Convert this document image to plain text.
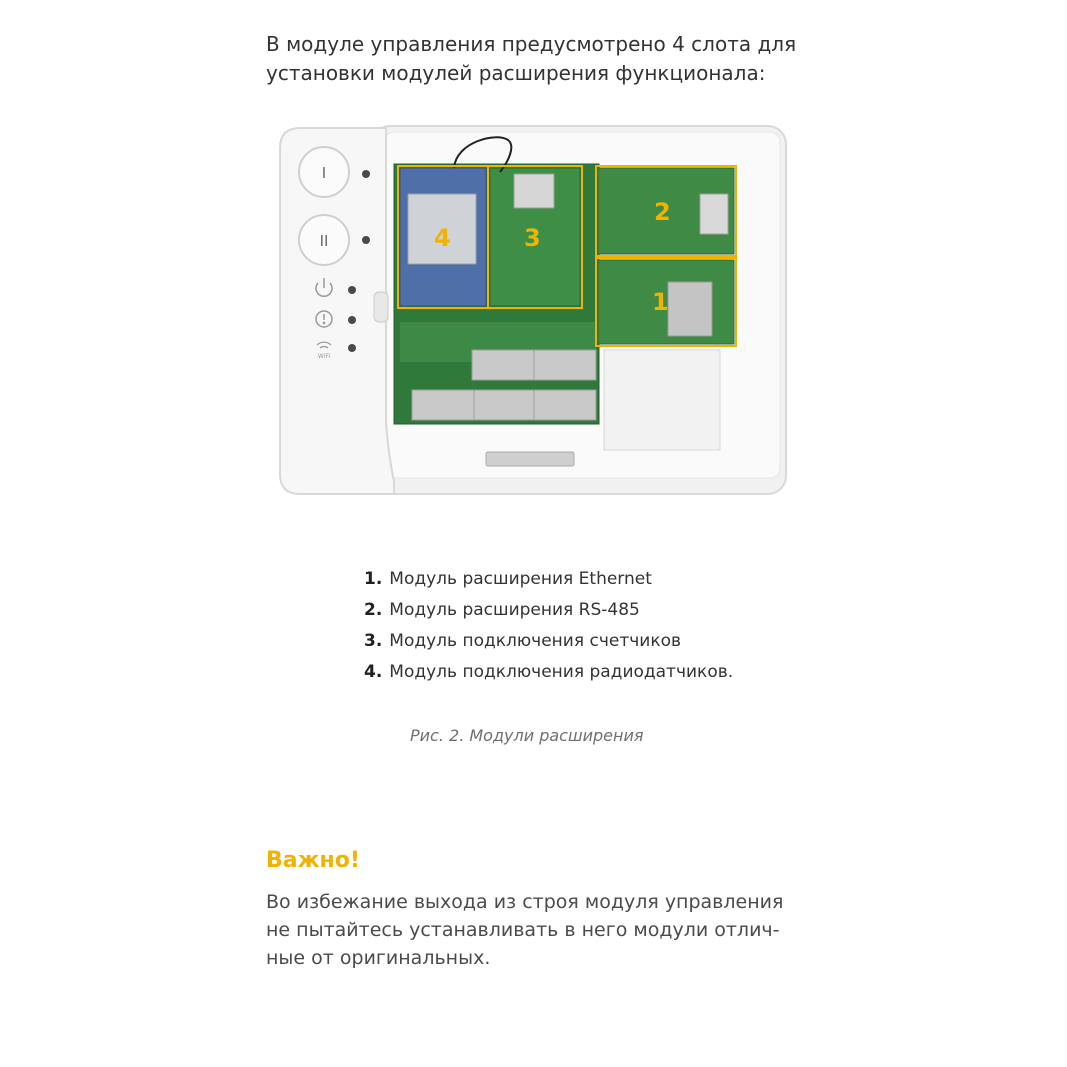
В модуле управления предусмотрено 4 слота для
установки модулей расширения функционала:

4	3
2
1
I
II
WiFi
1. Модуль расширения Ethernet
2. Модуль расширения RS-485
3. Модуль подключения счетчиков
4. Модуль подключения радиодатчиков.

Рис. 2. Модули расширения

Важно!

Во избежание выхода из строя модуля управления
не пытайтесь устанавливать в него модули отлич-
ные от оригинальных.
